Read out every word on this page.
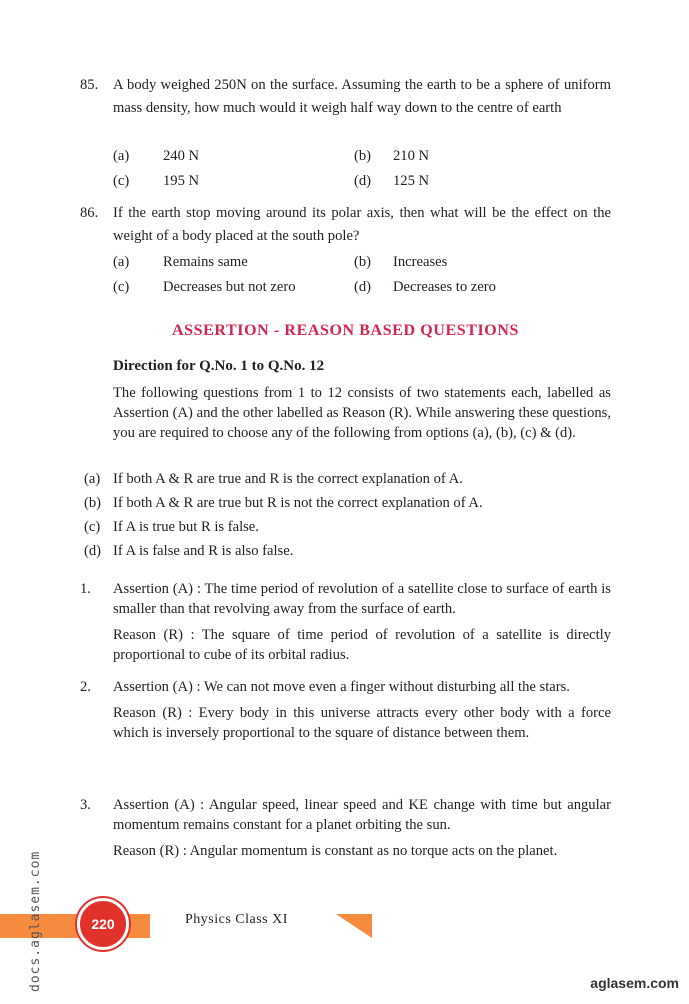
85. A body weighed 250N on the surface. Assuming the earth to be a sphere of uniform mass density, how much would it weigh half way down to the centre of earth
(a) 240 N	(b) 210 N
(c) 195 N	(d) 125 N
86. If the earth stop moving around its polar axis, then what will be the effect on the weight of a body placed at the south pole?
(a) Remains same	(b) Increases
(c) Decreases but not zero	(d) Decreases to zero
ASSERTION - REASON BASED QUESTIONS
Direction for Q.No. 1 to Q.No. 12
The following questions from 1 to 12 consists of two statements each, labelled as Assertion (A) and the other labelled as Reason (R). While answering these questions, you are required to choose any of the following from options (a), (b), (c) & (d).
(a) If both A & R are true and R is the correct explanation of A.
(b) If both A & R are true but R is not the correct explanation of A.
(c) If A is true but R is false.
(d) If A is false and R is also false.
1. Assertion (A) : The time period of revolution of a satellite close to surface of earth is smaller than that revolving away from the surface of earth.
Reason (R) : The square of time period of revolution of a satellite is directly proportional to cube of its orbital radius.
2. Assertion (A) : We can not move even a finger without disturbing all the stars.
Reason (R) : Every body in this universe attracts every other body with a force which is inversely proportional to the square of distance between them.
3. Assertion (A) : Angular speed, linear speed and KE change with time but angular momentum remains constant for a planet orbiting the sun.
Reason (R) : Angular momentum is constant as no torque acts on the planet.
220	Physics Class XI
docs.aglasem.com	aglasem.com
